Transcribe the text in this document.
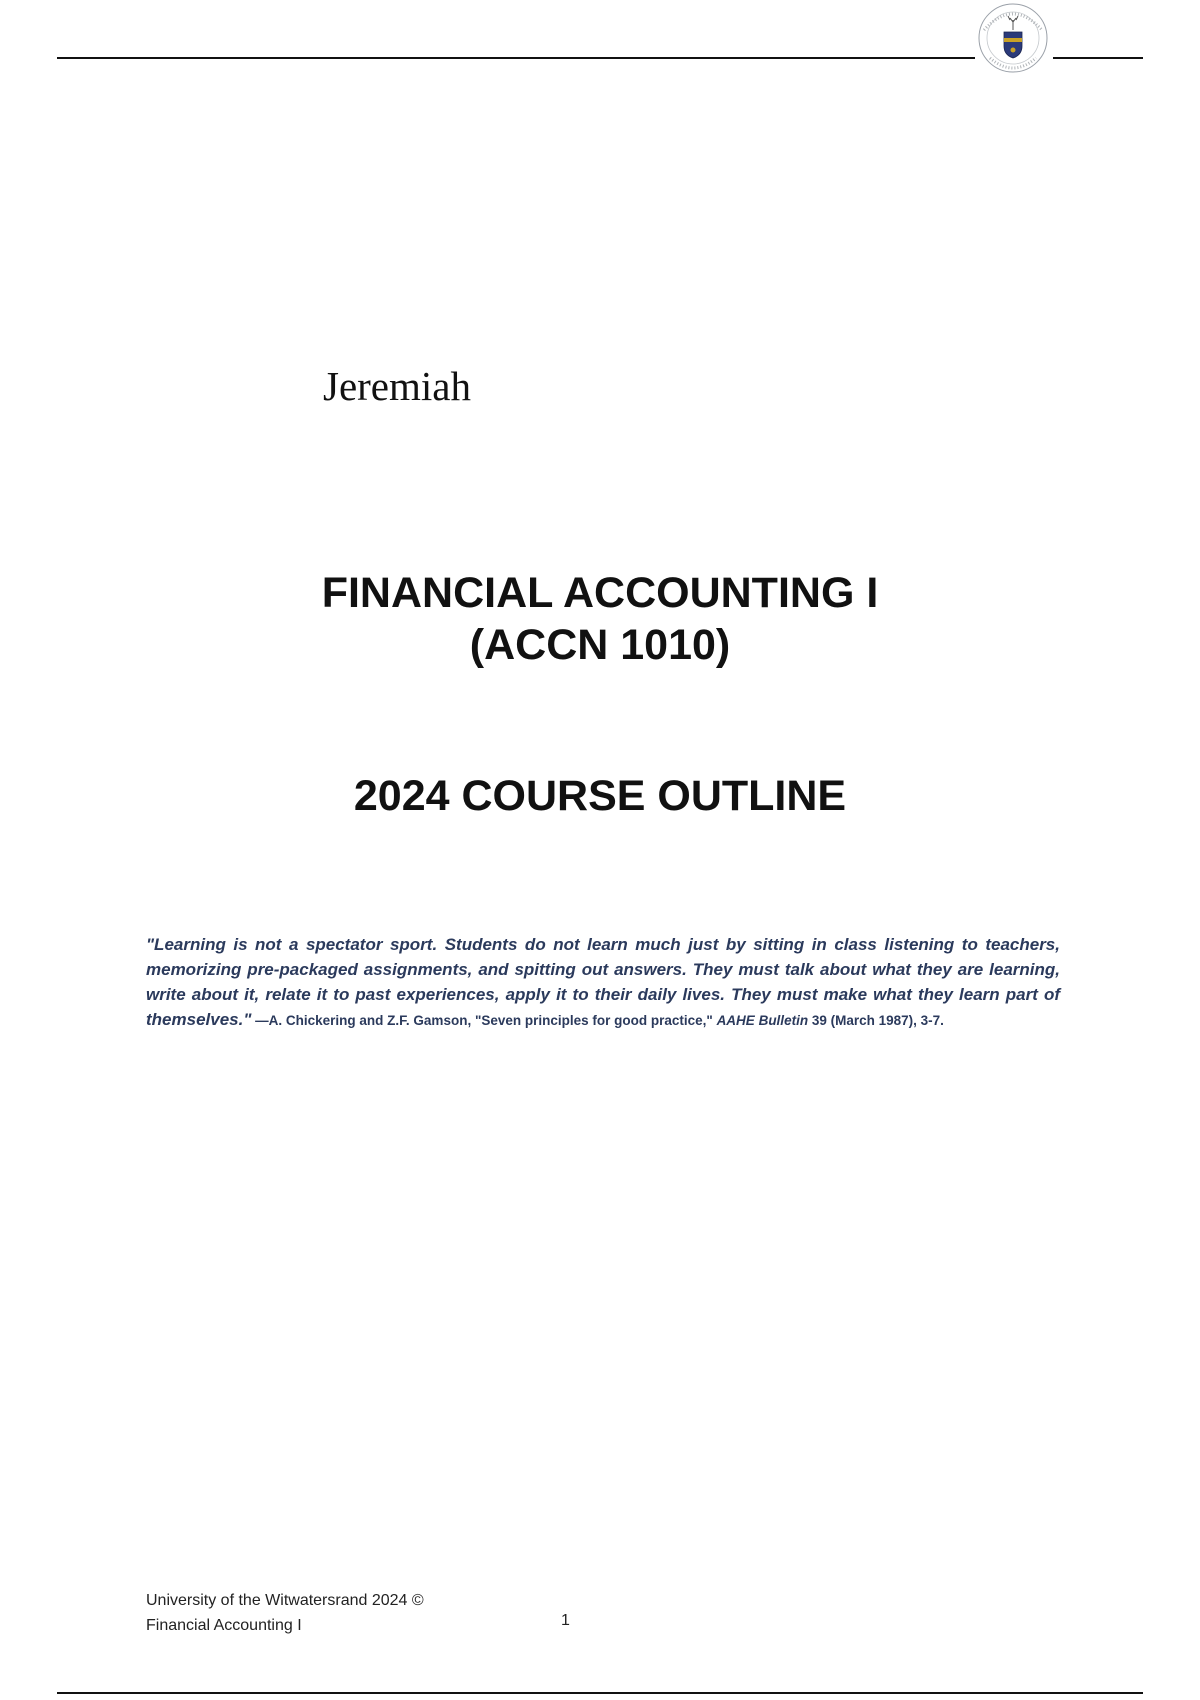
Jeremiah
FINANCIAL ACCOUNTING I
(ACCN 1010)
2024 COURSE OUTLINE
"Learning is not a spectator sport. Students do not learn much just by sitting in class listening to teachers, memorizing pre-packaged assignments, and spitting out answers. They must talk about what they are learning, write about it, relate it to past experiences, apply it to their daily lives. They must make what they learn part of themselves." —A. Chickering and Z.F. Gamson, "Seven principles for good practice," AAHE Bulletin 39 (March 1987), 3-7.
University of the Witwatersrand 2024 ©
Financial Accounting I	1
